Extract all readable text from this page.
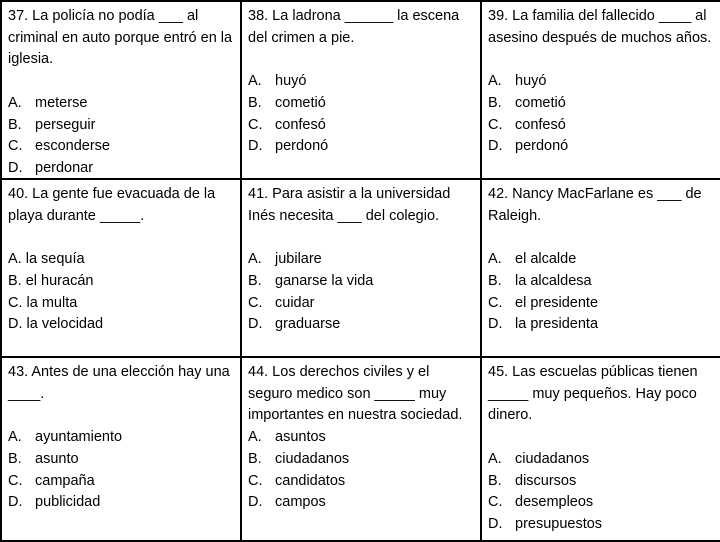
37. La policía no podía ___ al criminal en auto porque entró en la iglesia.

A. meterse
B. perseguir
C. esconderse
D. perdonar

38. La ladrona ______ la escena del crimen a pie.

A. huyó
B. cometió
C. confesó
D. perdonó

39. La familia del fallecido ____ al asesino después de muchos años.

A. huyó
B. cometió
C. confesó
D. perdonó

40. La gente fue evacuada de la playa durante _____.

A.
la sequía
B.
el huracán
C.
la multa
D.
la velocidad

41. Para asistir a la universidad Inés necesita ___ del colegio.

A. jubilare
B. ganarse la vida
C. cuidar
D. graduarse

42. Nancy MacFarlane es ___ de Raleigh.

A. el alcalde
B. la alcaldesa
C. el presidente
D. la presidenta

43. Antes de una elección hay una ____.

A. ayuntamiento
B. asunto
C. campaña
D. publicidad

44. Los derechos civiles y el seguro medico son _____ muy importantes en nuestra sociedad.

A. asuntos
B. ciudadanos
C. candidatos
D. campos

45. Las escuelas públicas tienen _____ muy pequeños. Hay poco dinero.

A. ciudadanos
B. discursos
C. desempleos
D. presupuestos
